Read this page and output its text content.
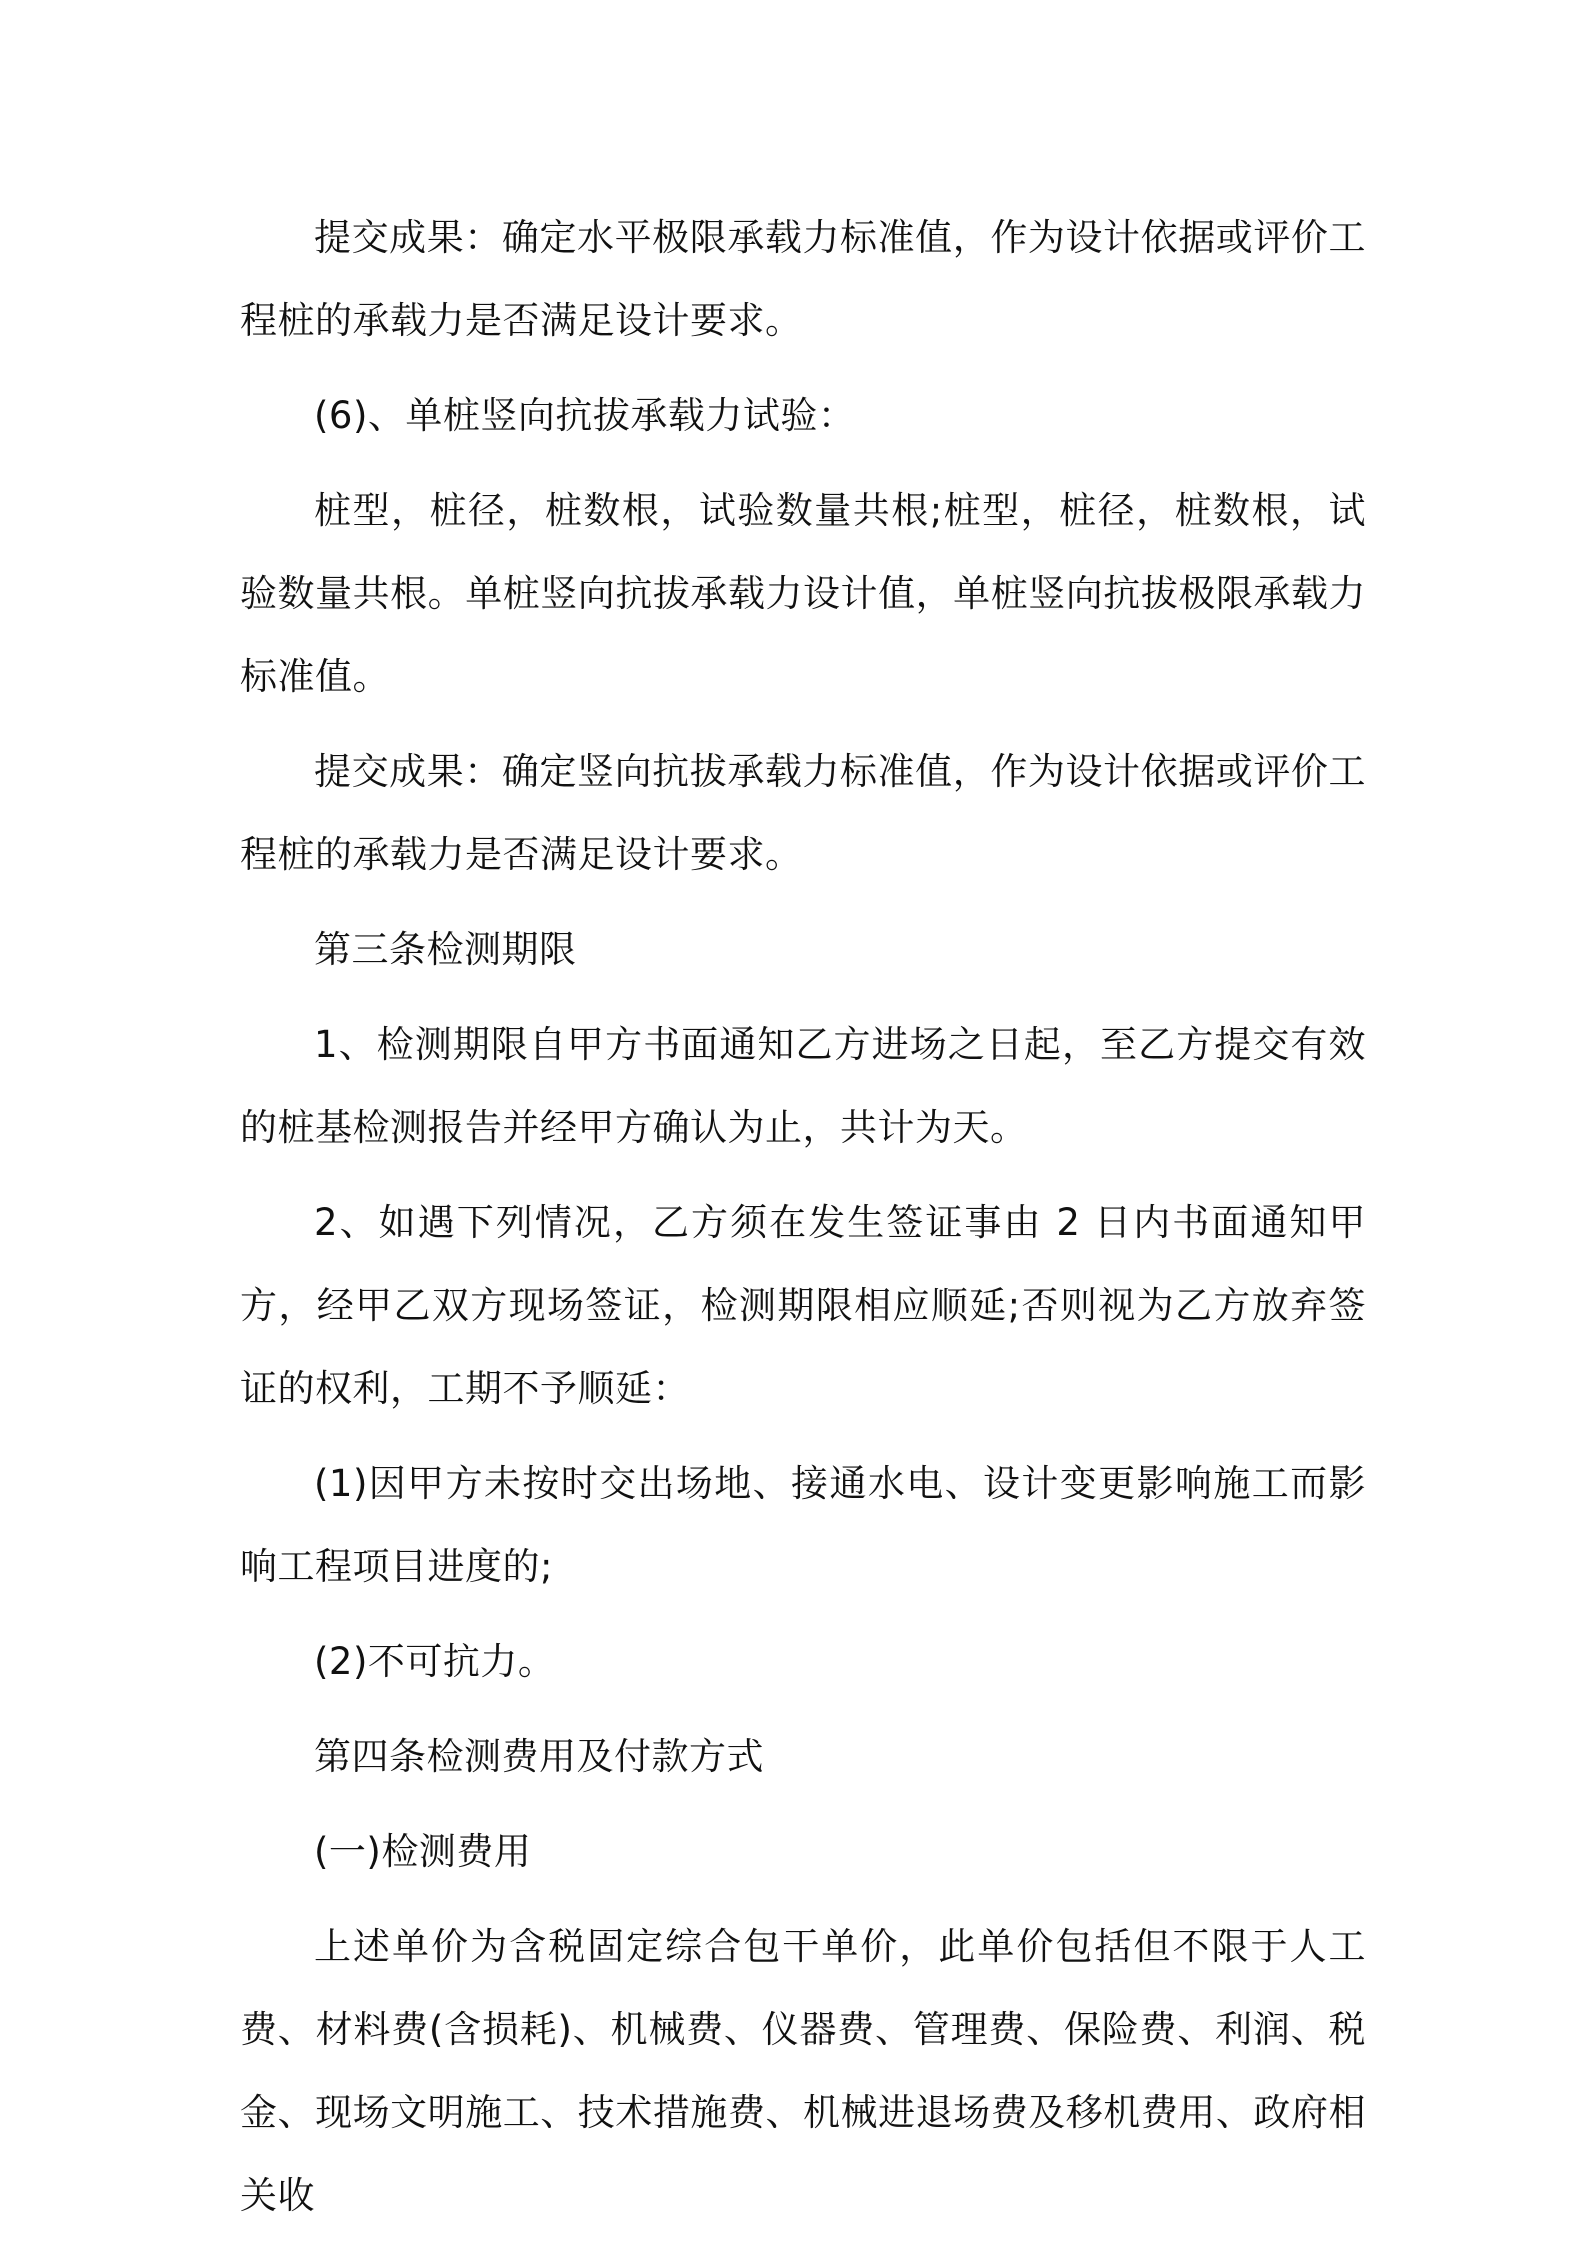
提交成果：确定水平极限承载力标准值，作为设计依据或评价工程桩的承载力是否满足设计要求。

(6)、单桩竖向抗拔承载力试验：

桩型，桩径，桩数根，试验数量共根;桩型，桩径，桩数根，试验数量共根。单桩竖向抗拔承载力设计值，单桩竖向抗拔极限承载力标准值。

提交成果：确定竖向抗拔承载力标准值，作为设计依据或评价工程桩的承载力是否满足设计要求。

第三条检测期限

1、检测期限自甲方书面通知乙方进场之日起，至乙方提交有效的桩基检测报告并经甲方确认为止，共计为天。

2、如遇下列情况，乙方须在发生签证事由 2 日内书面通知甲方，经甲乙双方现场签证，检测期限相应顺延;否则视为乙方放弃签证的权利，工期不予顺延：

(1)因甲方未按时交出场地、接通水电、设计变更影响施工而影响工程项目进度的;

(2)不可抗力。

第四条检测费用及付款方式

(一)检测费用

上述单价为含税固定综合包干单价，此单价包括但不限于人工费、材料费(含损耗)、机械费、仪器费、管理费、保险费、利润、税金、现场文明施工、技术措施费、机械进退场费及移机费用、政府相关收
